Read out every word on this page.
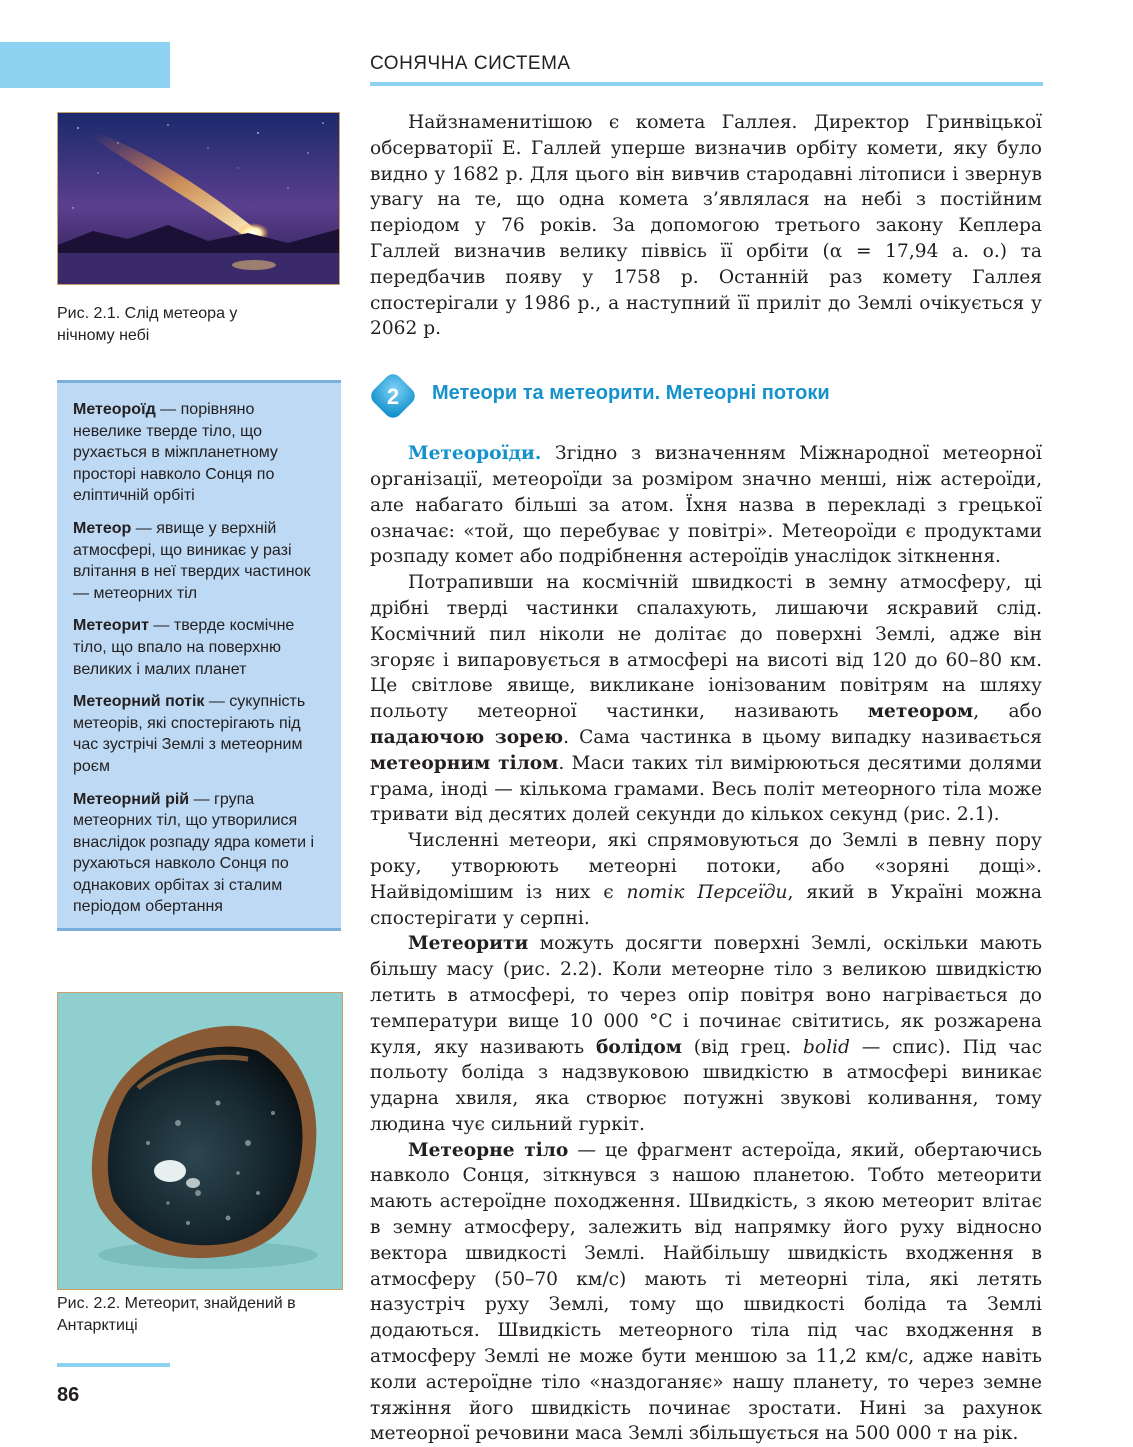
СОНЯЧНА СИСТЕМА
Рис. 2.1. Слід метеора у нічному небі

Метеороїд — порівняно невелике тверде тіло, що рухається в міжпланетному просторі навколо Сонця по еліптичній орбіті

Метеор — явище у верхній атмосфері, що виникає у разі влітання в неї твердих частинок — метеорних тіл

Метеорит — тверде космічне тіло, що впало на поверхню великих і малих планет

Метеорний потік — сукупність метеорів, які спостерігають під час зустрічі Землі з метеорним роєм

Метеорний рій — група метеорних тіл, що утворилися внаслідок розпаду ядра комети і рухаються навколо Сонця по однакових орбітах зі сталим періодом обертання

Рис. 2.2. Метеорит, знайдений в Антарктиці

Найзнаменитішою є комета Галлея. Директор Гринвіцької обсерваторії Е. Галлей уперше визначив орбіту комети, яку було видно у 1682 р. Для цього він вивчив стародавні літописи і звернув увагу на те, що одна комета з’являлася на небі з постійним періодом у 76 років. За допомогою третього закону Кеплера Галлей визначив велику піввісь її орбіти (α = 17,94 а. о.) та передбачив появу у 1758 р. Останній раз комету Галлея спостерігали у 1986 р., а наступний її приліт до Землі очікується у 2062 р.

2 Метеори та метеорити. Метеорні потоки

Метеороїди. Згідно з визначенням Міжнародної метеорної організації, метеороїди за розміром значно менші, ніж астероїди, але набагато більші за атом. Їхня назва в перекладі з грецької означає: «той, що перебуває у повітрі». Метеороїди є продуктами розпаду комет або подрібнення астероїдів унаслідок зіткнення.

Потрапивши на космічній швидкості в земну атмосферу, ці дрібні тверді частинки спалахують, лишаючи яскравий слід. Космічний пил ніколи не долітає до поверхні Землі, адже він згоряє і випаровується в атмосфері на висоті від 120 до 60–80 км. Це світлове явище, викликане іонізованим повітрям на шляху польоту метеорної частинки, називають метеором, або падаючою зорею. Сама частинка в цьому випадку називається метеорним тілом. Маси таких тіл вимірюються десятими долями грама, іноді — кількома грамами. Весь політ метеорного тіла може тривати від десятих долей секунди до кількох секунд (рис. 2.1).

Численні метеори, які спрямовуються до Землі в певну пору року, утворюють метеорні потоки, або «зоряні дощі». Найвідомішим із них є потік Персеїди, який в Україні можна спостерігати у серпні.

Метеорити можуть досягти поверхні Землі, оскільки мають більшу масу (рис. 2.2). Коли метеорне тіло з великою швидкістю летить в атмосфері, то через опір повітря воно нагрівається до температури вище 10 000 °С і починає світитись, як розжарена куля, яку називають болідом (від грец. bolid — спис). Під час польоту боліда з надзвуковою швидкістю в атмосфері виникає ударна хвиля, яка створює потужні звукові коливання, тому людина чує сильний гуркіт.

Метеорне тіло — це фрагмент астероїда, який, обертаючись навколо Сонця, зіткнувся з нашою планетою. Тобто метеорити мають астероїдне походження. Швидкість, з якою метеорит влітає в земну атмосферу, залежить від напрямку його руху відносно вектора швидкості Землі. Найбільшу швидкість входження в атмосферу (50–70 км/с) мають ті метеорні тіла, які летять назустріч руху Землі, тому що швидкості боліда та Землі додаються. Швидкість метеорного тіла під час входження в атмосферу Землі не може бути меншою за 11,2 км/с, адже навіть коли астероїдне тіло «наздоганяє» нашу планету, то через земне тяжіння його швидкість починає зростати. Нині за рахунок метеорної речовини маса Землі збільшується на 500 000 т на рік.

86
